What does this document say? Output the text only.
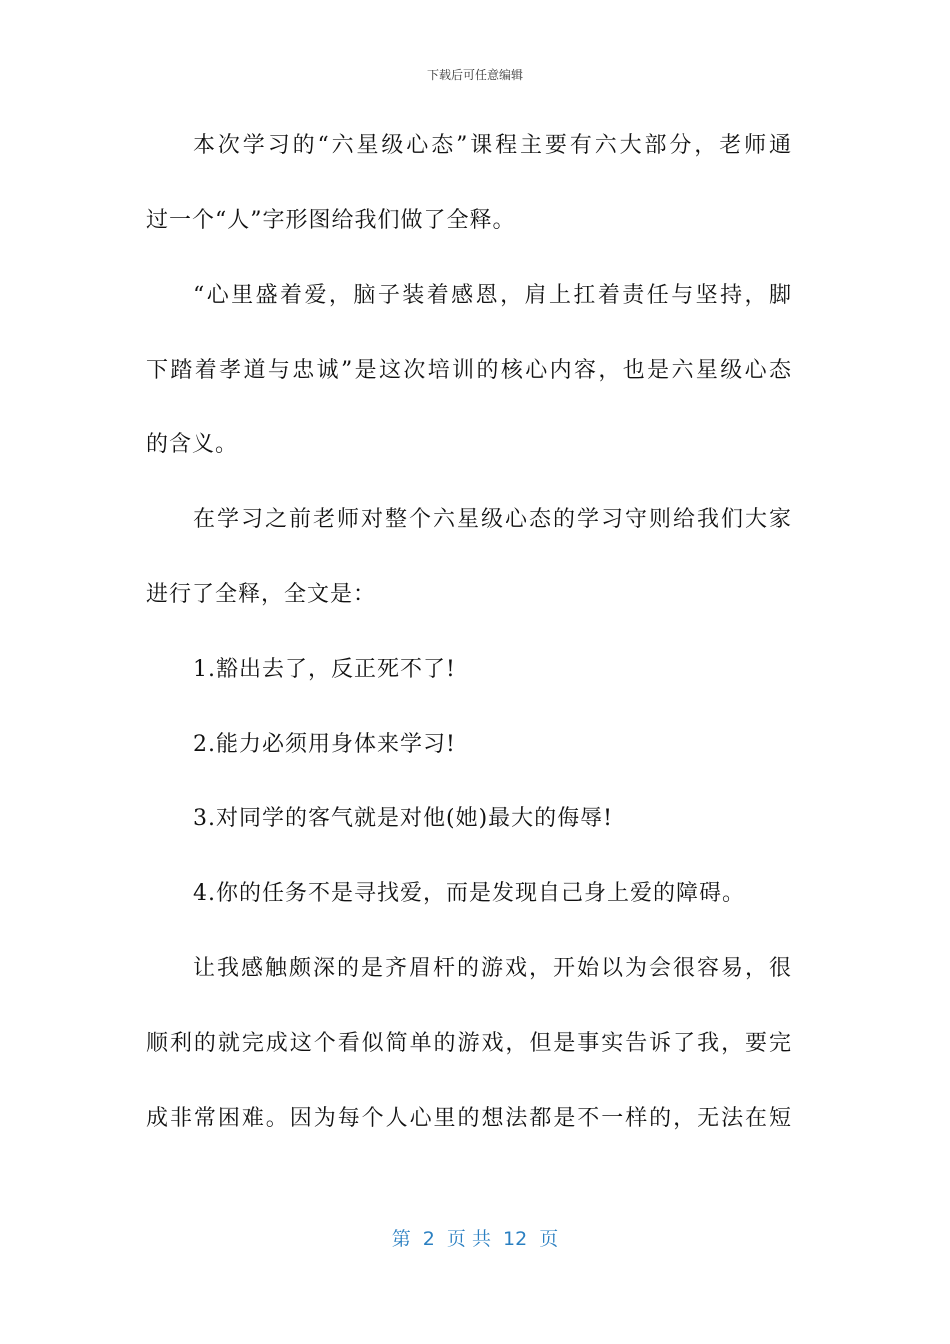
下载后可任意编辑
本次学习的“六星级心态”课程主要有六大部分，老师通
过一个“人”字形图给我们做了全释。
“心里盛着爱，脑子装着感恩，肩上扛着责任与坚持，脚
下踏着孝道与忠诚”是这次培训的核心内容，也是六星级心态
的含义。
在学习之前老师对整个六星级心态的学习守则给我们大家
进行了全释，全文是：
1.豁出去了，反正死不了!
2.能力必须用身体来学习!
3.对同学的客气就是对他(她)最大的侮辱!
4.你的任务不是寻找爱，而是发现自己身上爱的障碍。
让我感触颇深的是齐眉杆的游戏，开始以为会很容易，很
顺利的就完成这个看似简单的游戏，但是事实告诉了我，要完
成非常困难。因为每个人心里的想法都是不一样的，无法在短
第  2  页 共  12  页
